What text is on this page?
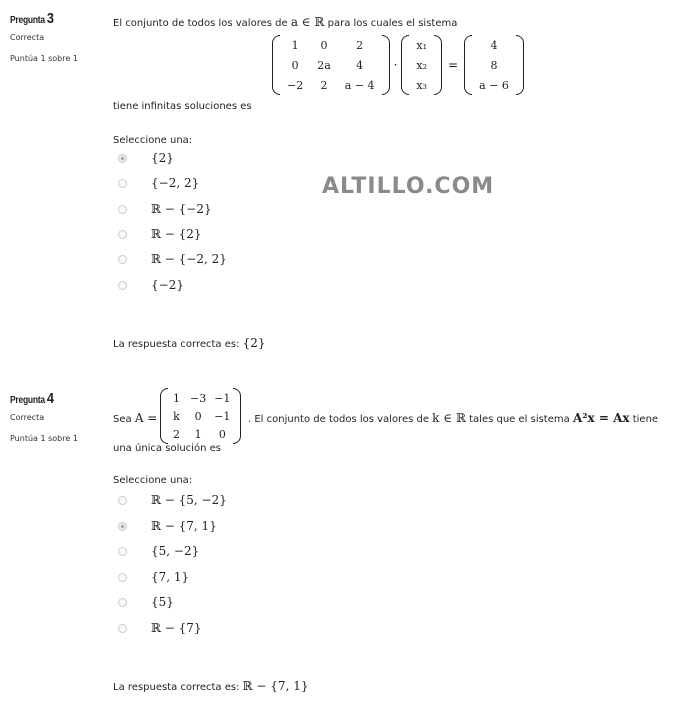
Pregunta 3
Correcta
Puntúa 1 sobre 1
El conjunto de todos los valores de a ∈ ℝ para los cuales el sistema
1	0	2
0	2a	4
−2	2	a − 4
·
x₁
x₂
x₃
=
4
8
a − 6
tiene infinitas soluciones es
Seleccione una:
{2}
{−2, 2}
ℝ − {−2}
ℝ − {2}
ℝ − {−2, 2}
{−2}
ALTILLO.COM
La respuesta correcta es: {2}
Pregunta 4
Correcta
Puntúa 1 sobre 1
Sea A =
1	−3	−1
k	0	−1
2	1	0
. El conjunto de todos los valores de k ∈ ℝ tales que el sistema A²x = Ax tiene
una única solución es
Seleccione una:
ℝ − {5, −2}
ℝ − {7, 1}
{5, −2}
{7, 1}
{5}
ℝ − {7}
La respuesta correcta es: ℝ − {7, 1}
